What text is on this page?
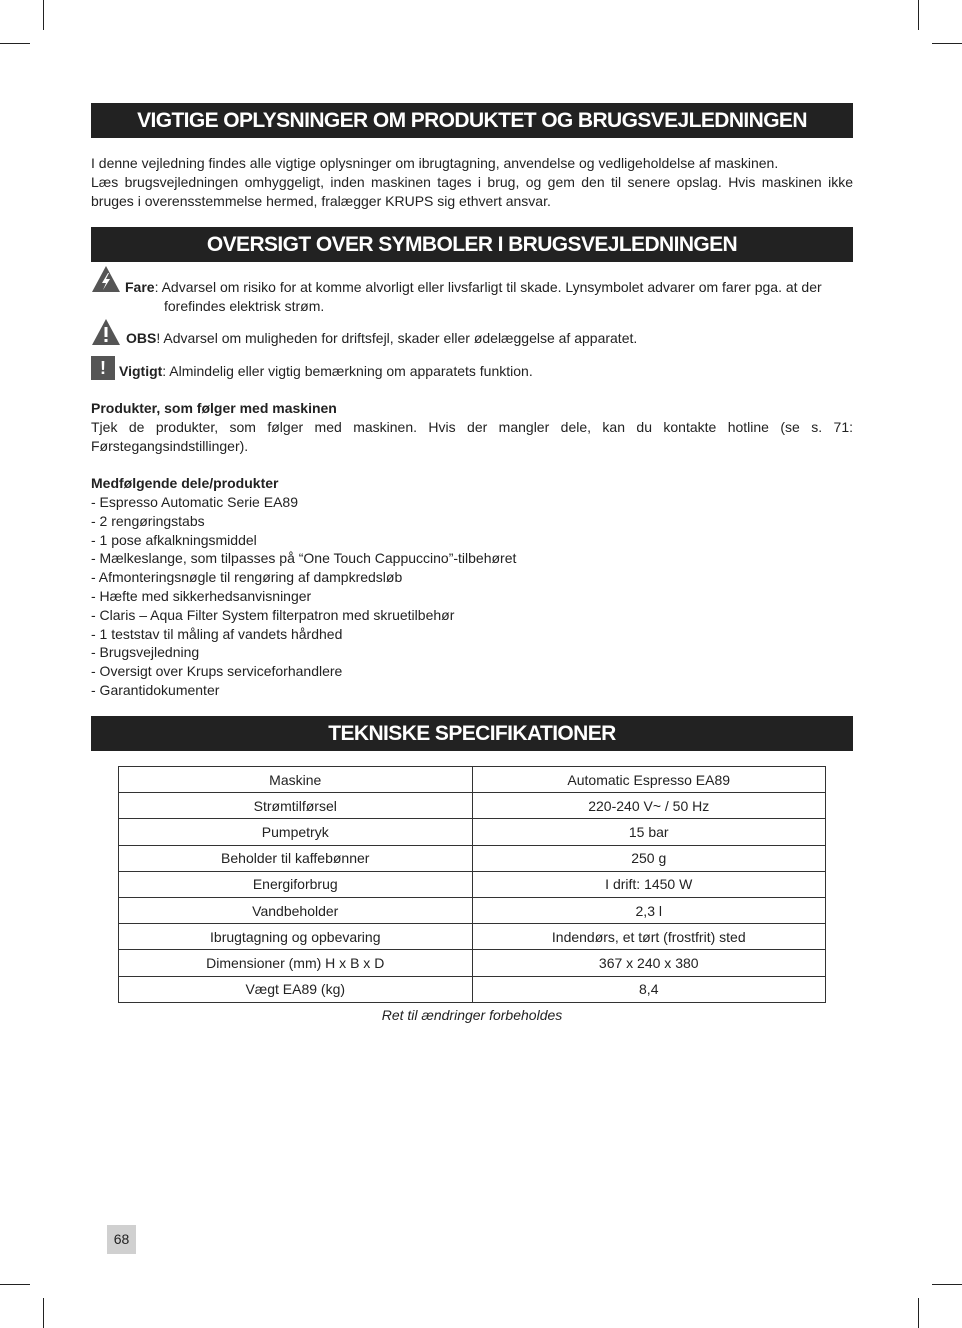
VIGTIGE OPLYSNINGER OM PRODUKTET OG BRUGSVEJLEDNINGEN

I denne vejledning findes alle vigtige oplysninger om ibrugtagning, anvendelse og vedligeholdelse af maskinen.

Læs brugsvejledningen omhyggeligt, inden maskinen tages i brug, og gem den til senere opslag. Hvis maskinen ikke bruges i overensstemmelse hermed, fralægger KRUPS sig ethvert ansvar.

OVERSIGT OVER SYMBOLER I BRUGSVEJLEDNINGEN
Fare: Advarsel om risiko for at komme alvorligt eller livsfarligt til skade. Lynsymbolet advarer om farer pga. at der
forefindes elektrisk strøm.
OBS! Advarsel om muligheden for driftsfejl, skader eller ødelæggelse af apparatet.
! Vigtigt: Almindelig eller vigtig bemærkning om apparatets funktion.

Produkter, som følger med maskinen

Tjek de produkter, som følger med maskinen. Hvis der mangler dele, kan du kontakte hotline (se s. 71: Førstegangsindstillinger).

Medfølgende dele/produkter

- Espresso Automatic Serie EA89
- 2 rengøringstabs
- 1 pose afkalkningsmiddel
- Mælkeslange, som tilpasses på “One Touch Cappuccino”-tilbehøret
- Afmonteringsnøgle til rengøring af dampkredsløb
- Hæfte med sikkerhedsanvisninger
- Claris – Aqua Filter System filterpatron med skruetilbehør
- 1 teststav til måling af vandets hårdhed
- Brugsvejledning
- Oversigt over Krups serviceforhandlere
- Garantidokumenter
TEKNISKE SPECIFIKATIONER
Maskine	Automatic Espresso EA89
Strømtilførsel	220-240 V~ / 50 Hz
Pumpetryk	15 bar
Beholder til kaffebønner	250 g
Energiforbrug	I drift: 1450 W
Vandbeholder	2,3 l
Ibrugtagning og opbevaring	Indendørs, et tørt (frostfrit) sted
Dimensioner (mm) H x B x D	367 x 240 x 380
Vægt EA89 (kg)	8,4

Ret til ændringer forbeholdes

68
